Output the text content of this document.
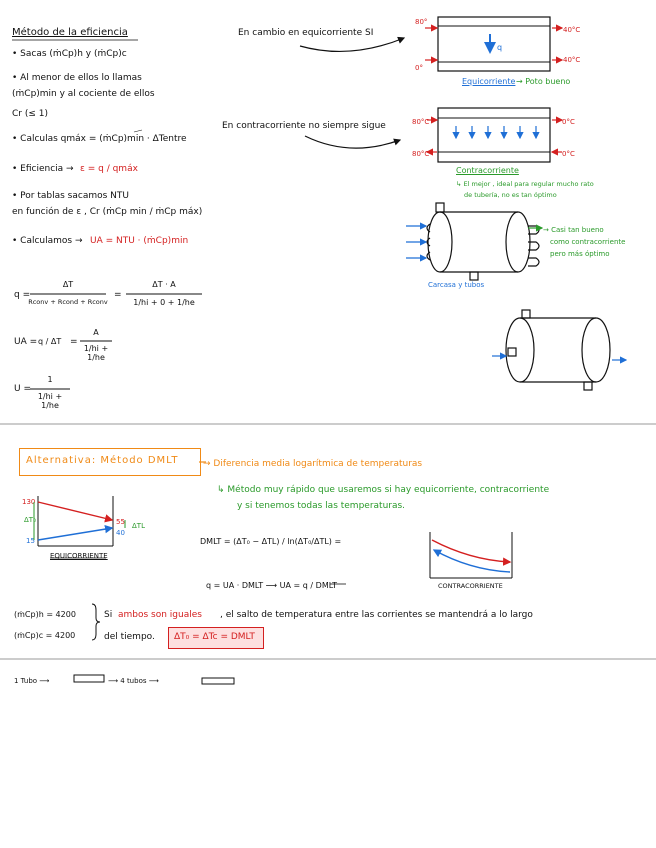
Método de la eficiencia
• Sacas (ṁCp)h y (ṁCp)c
• Al menor de ellos lo llamas
(ṁCp)min y al cociente de ellos
Cr (≤ 1)
• Calculas qmáx = (ṁCp)min · ΔTentre
• Eficiencia → ε = q / qmáx
• Por tablas sacamos NTU
en función de ε , Cr (ṁCp min / ṁCp máx)
• Calculamos → UA = NTU · (ṁCp)min
En cambio en equicorriente SI
En contracorriente no siempre sigue
80°
40°C
0°
40°C
q
Equicorriente → Poto bueno
80°C	0°C
80°C	0°C
Contracorriente
↳ El mejor , ideal para regular mucho rato
de tubería, no es tan óptimo
Carcasa y tubos
→ Casi tan bueno
como contracorriente
pero más óptimo
q =
ΔT
Rconv + Rcond + Rconv
=
ΔT · A
1/hi + 0 + 1/he
UA = q / ΔT =
A
1/hi + 1/he
U =
1
1/hi + 1/he
Alternativa: Método DMLT	→ Diferencia media logarítmica de temperaturas
↳ Método muy rápido que usaremos si hay equicorriente, contracorriente
y si tenemos todas las temperaturas.
130
ΔT₀
15
55
40
ΔTL
EQUICORRIENTE
DMLT = (ΔT₀ − ΔTL) / ln(ΔT₀/ΔTL) =
q = UA · DMLT ⟶ UA = q / DMLT	CONTRACORRIENTE
(ṁCp)h = 4200
(ṁCp)c = 4200
Si ambos son iguales , el salto de temperatura entre las corrientes se mantendrá a lo largo
del tiempo. ΔT₀ = ΔTc = DMLT
1 Tubo ⟶	⟶ 4 tubos ⟶
